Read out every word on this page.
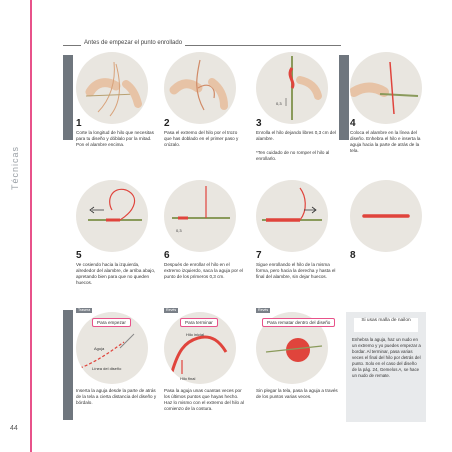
Técnicas
44
Antes de empezar el punto enrollado
Cómo enrollar el hilo al alambre	Punto enrollado
Cómo empezar y terminar el hilo el punto enrollado
0,3
1
Corte la longitud de hilo que necesitas para tu diseño y dóblalo por la mitad. Pon el alambre encima.
2
Pasa el extremo del hilo por el trozo que has doblado en el primer paso y crúzalo.
3
Enrolla el hilo dejando libres 0,3 cm del alambre.
*Ten cuidado de no romper el hilo al enrollarlo.
4
Coloca el alambre en la línea del diseño. Enhebra el hilo e inserta la aguja hacia la parte de atrás de la tela.
0,3
5
Ve cosiendo hacia la izquierda, alrededor del alambre, de arriba abajo, apretando bien para que no queden huecos.
6
Después de enrollar el hilo en el extremo izquierdo, saca la aguja por el punto de los primeros 0,3 cm.
7
Sigue enrollando el hilo de la misma forma, pero hacia la derecha y hasta el final del alambre, sin dejar huecos.
8
Trasera
Para empezar
Aguja
Línea del diseño
Revés
Para terminar
Hilo inicial
Hilo final
Revés
Para rematar dentro del diseño
Inserta la aguja desde la parte de atrás de la tela a cierta distancia del diseño y bórdalo.
Pasa la aguja unas cuantas veces por los últimos puntos que hayas hecho. Haz lo mismo con el extremo del hilo al comienzo de la costura.
Sin plegar la tela, pasa la aguja a través de los puntos varias veces.
Si usas malla de nailon
Enhebra la aguja, haz un nudo en un extremo y yo puedes empezar a bordar. Al terminar, pasa varias veces el final del hilo por detrás del punto. Solo en el caso del diseño de la pág. 24, Gemelos A, se hace un nudo de remate.
